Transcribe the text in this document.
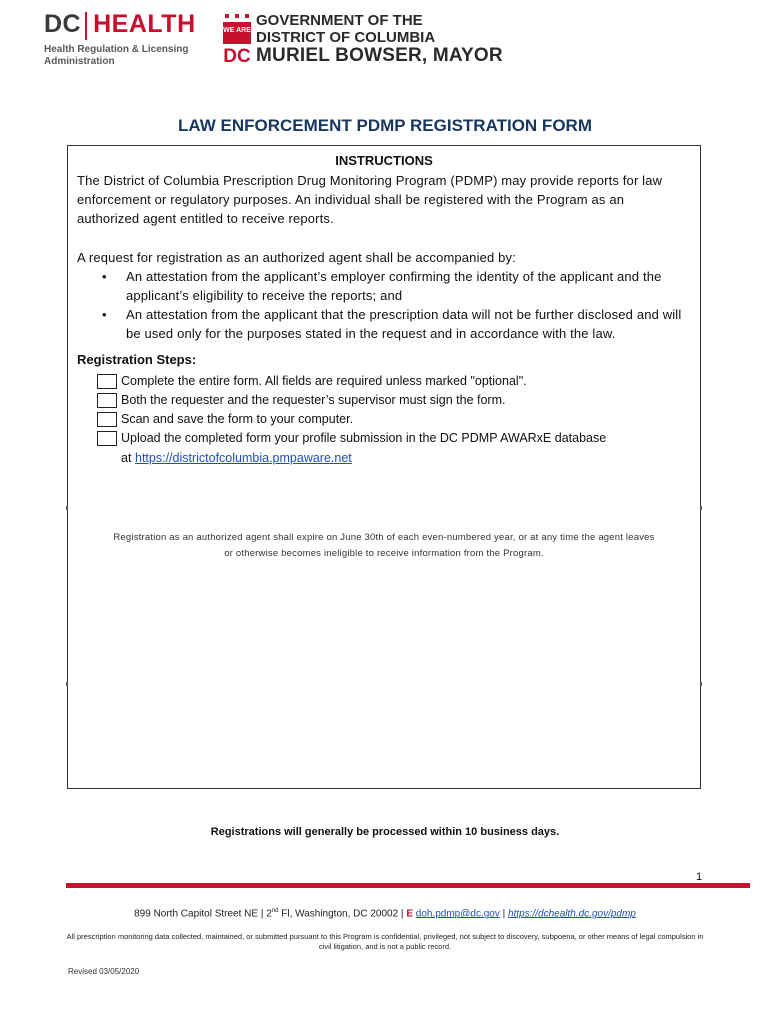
DC HEALTH
Health Regulation & Licensing Administration
WE ARE
DC
GOVERNMENT OF THE
DISTRICT OF COLUMBIA
MURIEL BOWSER, MAYOR
LAW ENFORCEMENT PDMP REGISTRATION FORM
INSTRUCTIONS
The District of Columbia Prescription Drug Monitoring Program (PDMP) may provide reports for law enforcement or regulatory purposes. An individual shall be registered with the Program as an authorized agent entitled to receive reports.
A request for registration as an authorized agent shall be accompanied by:
• An attestation from the applicant’s employer confirming the identity of the applicant and the applicant’s eligibility to receive the reports; and
• An attestation from the applicant that the prescription data will not be further disclosed and will be used only for the purposes stated in the request and in accordance with the law.
Registration Steps:
Complete the entire form. All fields are required unless marked "optional".
Both the requester and the requester’s supervisor must sign the form.
Scan and save the form to your computer.
Upload the completed form your profile submission in the DC PDMP AWARxE database
at https://districtofcolumbia.pmpaware.net
Registration as an authorized agent shall expire on June 30th of each even-numbered year, or at any time the agent leaves
or otherwise becomes ineligible to receive information from the Program.
Registrations will generally be processed within 10 business days.
1
899 North Capitol Street NE | 2nd Fl, Washington, DC 20002 | E doh.pdmp@dc.gov | https://dchealth.dc.gov/pdmp
All prescription monitoring data collected, maintained, or submitted pursuant to this Program is confidential, privileged, not subject to discovery, subpoena, or other means of legal compulsion in civil litigation, and is not a public record.
Revised 03/05/2020
